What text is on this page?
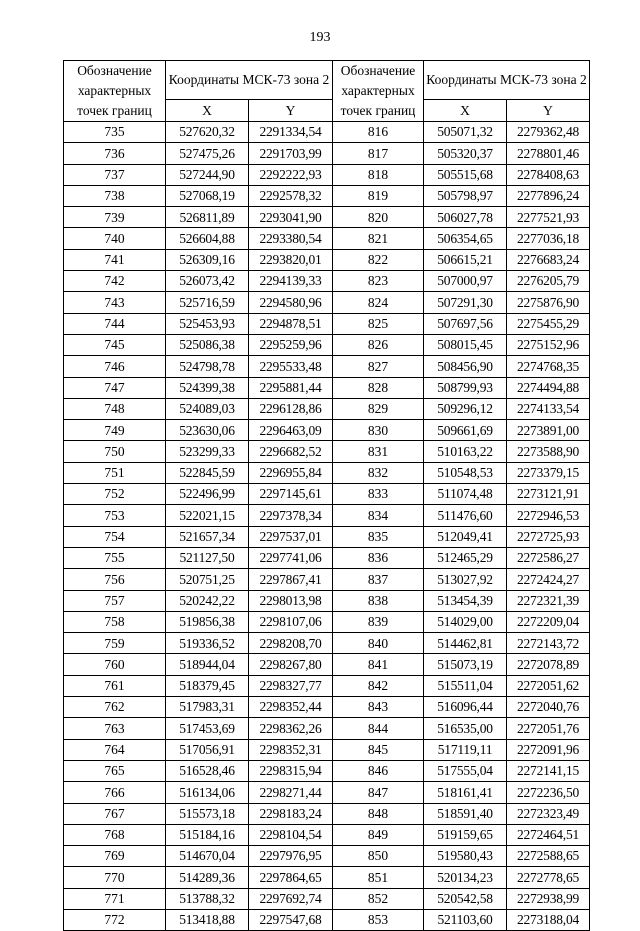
193
Обозначение характерных точек границ	Координаты МСК-73 зона 2		Обозначение характерных точек границ	Координаты МСК-73 зона 2	
	X	Y		X	Y
735	527620,32	2291334,54	816	505071,32	2279362,48
736	527475,26	2291703,99	817	505320,37	2278801,46
737	527244,90	2292222,93	818	505515,68	2278408,63
738	527068,19	2292578,32	819	505798,97	2277896,24
739	526811,89	2293041,90	820	506027,78	2277521,93
740	526604,88	2293380,54	821	506354,65	2277036,18
741	526309,16	2293820,01	822	506615,21	2276683,24
742	526073,42	2294139,33	823	507000,97	2276205,79
743	525716,59	2294580,96	824	507291,30	2275876,90
744	525453,93	2294878,51	825	507697,56	2275455,29
745	525086,38	2295259,96	826	508015,45	2275152,96
746	524798,78	2295533,48	827	508456,90	2274768,35
747	524399,38	2295881,44	828	508799,93	2274494,88
748	524089,03	2296128,86	829	509296,12	2274133,54
749	523630,06	2296463,09	830	509661,69	2273891,00
750	523299,33	2296682,52	831	510163,22	2273588,90
751	522845,59	2296955,84	832	510548,53	2273379,15
752	522496,99	2297145,61	833	511074,48	2273121,91
753	522021,15	2297378,34	834	511476,60	2272946,53
754	521657,34	2297537,01	835	512049,41	2272725,93
755	521127,50	2297741,06	836	512465,29	2272586,27
756	520751,25	2297867,41	837	513027,92	2272424,27
757	520242,22	2298013,98	838	513454,39	2272321,39
758	519856,38	2298107,06	839	514029,00	2272209,04
759	519336,52	2298208,70	840	514462,81	2272143,72
760	518944,04	2298267,80	841	515073,19	2272078,89
761	518379,45	2298327,77	842	515511,04	2272051,62
762	517983,31	2298352,44	843	516096,44	2272040,76
763	517453,69	2298362,26	844	516535,00	2272051,76
764	517056,91	2298352,31	845	517119,11	2272091,96
765	516528,46	2298315,94	846	517555,04	2272141,15
766	516134,06	2298271,44	847	518161,41	2272236,50
767	515573,18	2298183,24	848	518591,40	2272323,49
768	515184,16	2298104,54	849	519159,65	2272464,51
769	514670,04	2297976,95	850	519580,43	2272588,65
770	514289,36	2297864,65	851	520134,23	2272778,65
771	513788,32	2297692,74	852	520542,58	2272938,99
772	513418,88	2297547,68	853	521103,60	2273188,04
